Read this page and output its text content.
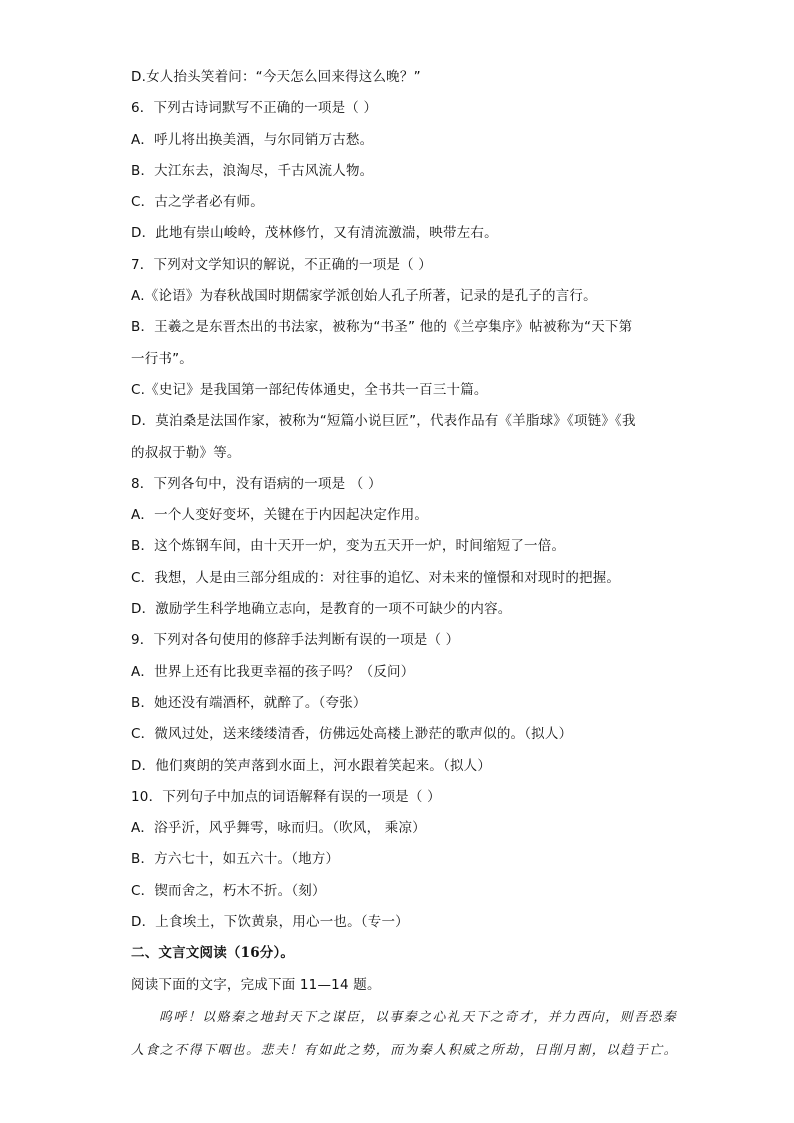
D.女人抬头笑着问：“今天怎么回来得这么晚？”
6．下列古诗词默写不正确的一项是（ ）
A．呼儿将出换美酒，与尔同销万古愁。
B．大江东去，浪淘尽，千古风流人物。
C．古之学者必有师。
D．此地有崇山峻岭，茂林修竹，又有清流激湍，映带左右。
7．下列对文学知识的解说，不正确的一项是（ ）
A.《论语》为春秋战国时期儒家学派创始人孔子所著，记录的是孔子的言行。
B．王羲之是东晋杰出的书法家，被称为“书圣” 他的《兰亭集序》帖被称为“天下第
一行书”。
C.《史记》是我国第一部纪传体通史，全书共一百三十篇。
D．莫泊桑是法国作家，被称为“短篇小说巨匠”，代表作品有《羊脂球》《项链》《我
的叔叔于勒》等。
8．下列各句中，没有语病的一项是 （ ）
A．一个人变好变坏，关键在于内因起决定作用。
B．这个炼钢车间，由十天开一炉，变为五天开一炉，时间缩短了一倍。
C．我想，人是由三部分组成的：对往事的追忆、对未来的憧憬和对现时的把握。
D．激励学生科学地确立志向，是教育的一项不可缺少的内容。
9．下列对各句使用的修辞手法判断有误的一项是（ ）
A．世界上还有比我更幸福的孩子吗？（反问）
B．她还没有端酒杯，就醉了。（夸张）
C．微风过处，送来缕缕清香，仿佛远处高楼上渺茫的歌声似的。（拟人）
D．他们爽朗的笑声落到水面上，河水跟着笑起来。（拟人）
10．下列句子中加点的词语解释有误的一项是（ ）
A．浴乎沂，风乎舞雩，咏而归。（吹风， 乘凉）
B．方六七十，如五六十。（地方）
C．锲而舍之，朽木不折。（刻）
D．上食埃土，下饮黄泉，用心一也。（专一）
二、文言文阅读（16分）。
阅读下面的文字，完成下面 11—14 题。
呜呼！以赂秦之地封天下之谋臣，以事秦之心礼天下之奇才，并力西向，则吾恐秦
人食之不得下咽也。悲夫！有如此之势，而为秦人积威之所劫，日削月割，以趋于亡。
